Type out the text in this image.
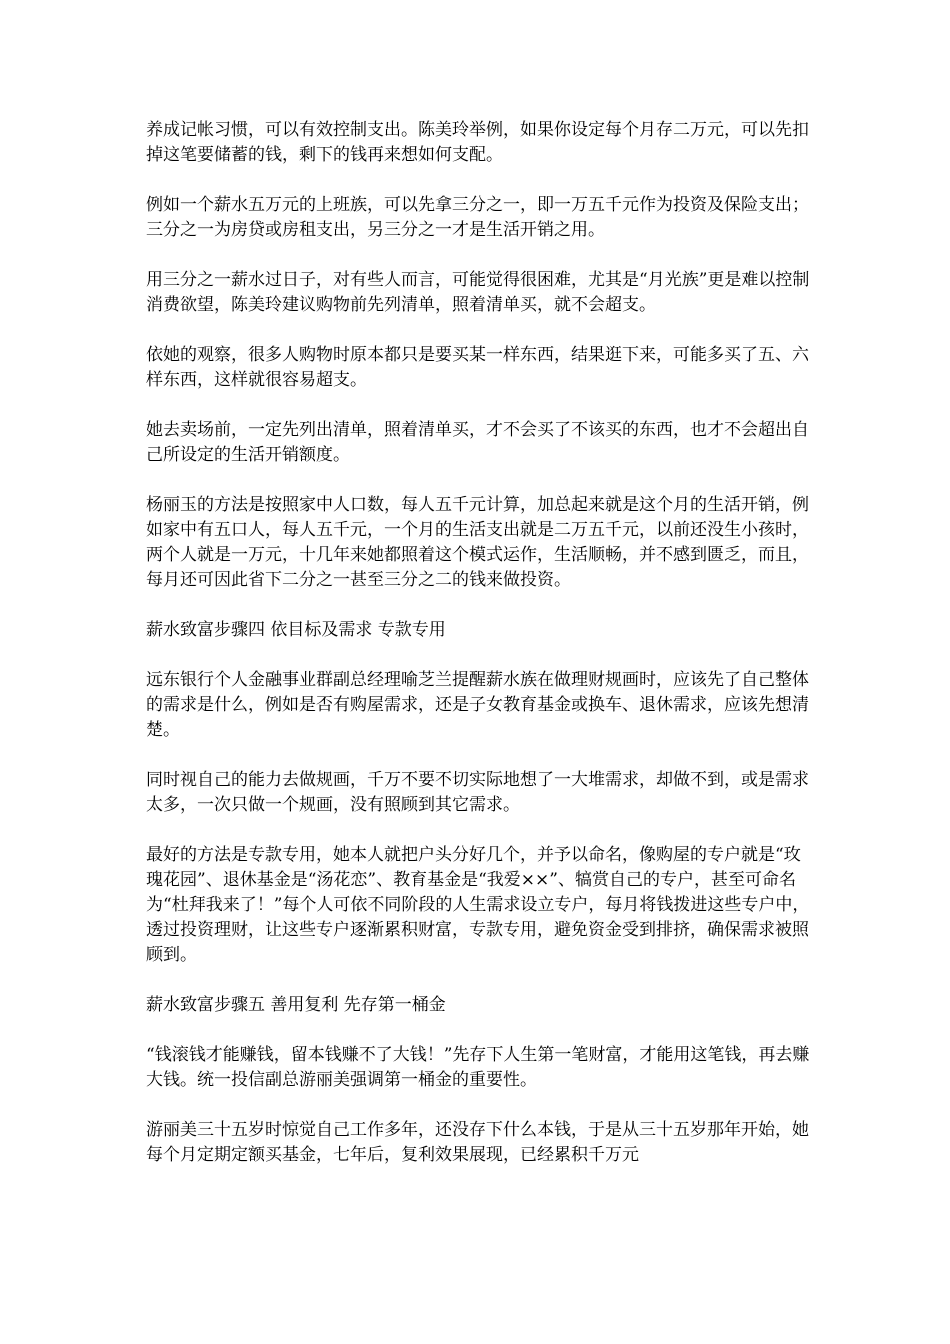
养成记帐习惯，可以有效控制支出。陈美玲举例，如果你设定每个月存二万元，可以先扣掉这笔要储蓄的钱，剩下的钱再来想如何支配。

例如一个薪水五万元的上班族，可以先拿三分之一，即一万五千元作为投资及保险支出；三分之一为房贷或房租支出，另三分之一才是生活开销之用。

用三分之一薪水过日子，对有些人而言，可能觉得很困难，尤其是“月光族”更是难以控制消费欲望，陈美玲建议购物前先列清单，照着清单买，就不会超支。

依她的观察，很多人购物时原本都只是要买某一样东西，结果逛下来，可能多买了五、六样东西，这样就很容易超支。

她去卖场前，一定先列出清单，照着清单买，才不会买了不该买的东西，也才不会超出自己所设定的生活开销额度。

杨丽玉的方法是按照家中人口数，每人五千元计算，加总起来就是这个月的生活开销，例如家中有五口人，每人五千元，一个月的生活支出就是二万五千元，以前还没生小孩时，两个人就是一万元，十几年来她都照着这个模式运作，生活顺畅，并不感到匮乏，而且，每月还可因此省下二分之一甚至三分之二的钱来做投资。

薪水致富步骤四 依目标及需求 专款专用

远东银行个人金融事业群副总经理喻芝兰提醒薪水族在做理财规画时，应该先了自己整体的需求是什么，例如是否有购屋需求，还是子女教育基金或换车、退休需求，应该先想清楚。

同时视自己的能力去做规画，千万不要不切实际地想了一大堆需求，却做不到，或是需求太多，一次只做一个规画，没有照顾到其它需求。

最好的方法是专款专用，她本人就把户头分好几个，并予以命名，像购屋的专户就是“玫瑰花园”、退休基金是“汤花恋”、教育基金是“我爱××”、犒赏自己的专户，甚至可命名为“杜拜我来了！”每个人可依不同阶段的人生需求设立专户，每月将钱拨进这些专户中，透过投资理财，让这些专户逐渐累积财富，专款专用，避免资金受到排挤，确保需求被照顾到。

薪水致富步骤五 善用复利 先存第一桶金

“钱滚钱才能赚钱，留本钱赚不了大钱！”先存下人生第一笔财富，才能用这笔钱，再去赚大钱。统一投信副总游丽美强调第一桶金的重要性。

游丽美三十五岁时惊觉自己工作多年，还没存下什么本钱，于是从三十五岁那年开始，她每个月定期定额买基金，七年后，复利效果展现，已经累积千万元
